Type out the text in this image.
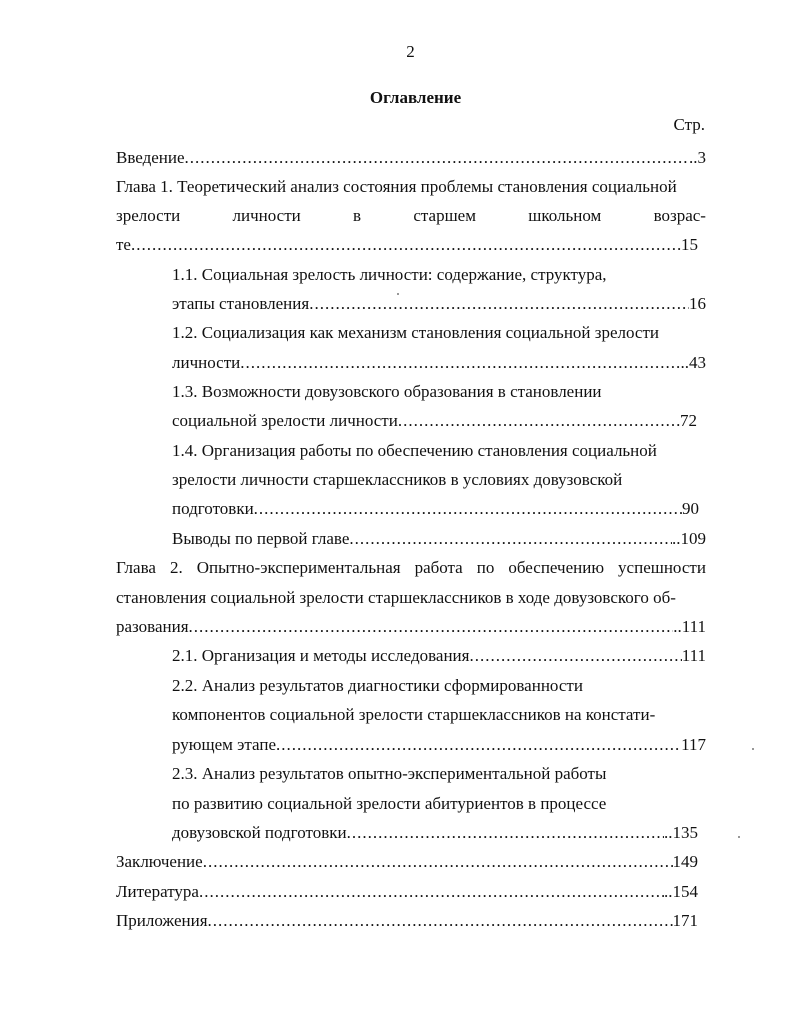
2
Оглавление
Стр.
Введение .....	..3
Глава 1. Теоретический анализ состояния проблемы становления социальной
зрелости	личности	в	старшем	школьном	возрас-
те .....	15
1.1. Социальная зрелость личности: содержание, структура,
этапы становления .....	16
1.2. Социализация как механизм становления социальной зрелости
личности .....	..43
1.3. Возможности довузовского образования в становлении
социальной зрелости личности .....	72
1.4. Организация работы по обеспечению становления социальной
зрелости личности старшеклассников в условиях довузовской
подготовки .....	90
Выводы по первой главе .....	..109
Глава 2. Опытно-экспериментальная работа по обеспечению успешности
становления социальной зрелости старшеклассников в ходе довузовского об-
разования .....	..111
2.1. Организация и методы исследования .....	111
2.2. Анализ результатов диагностики сформированности
компонентов социальной зрелости старшеклассников на констати-
рующем этапе .....	117
2.3. Анализ результатов опытно-экспериментальной работы
по развитию социальной зрелости абитуриентов в процессе
довузовской подготовки .....	..135
Заключение .....	149
Литература .....	..154
Приложения .....	171
